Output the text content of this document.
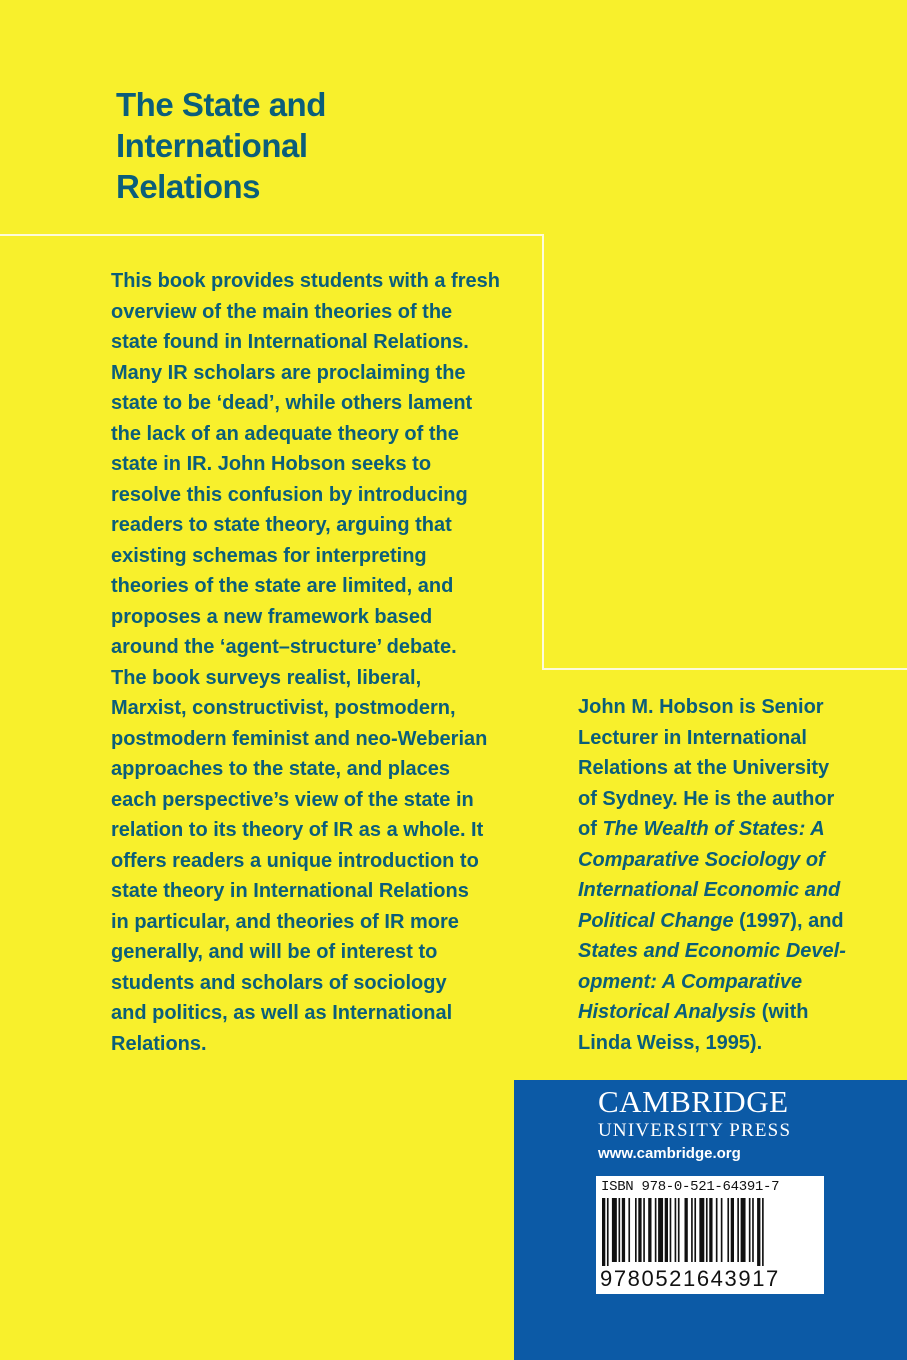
The State and
International
Relations
This book provides students with a fresh
overview of the main theories of the
state found in International Relations.
Many IR scholars are proclaiming the
state to be ‘dead’, while others lament
the lack of an adequate theory of the
state in IR. John Hobson seeks to
resolve this confusion by introducing
readers to state theory, arguing that
existing schemas for interpreting
theories of the state are limited, and
proposes a new framework based
around the ‘agent–structure’ debate.
The book surveys realist, liberal,
Marxist, constructivist, postmodern,
postmodern feminist and neo-Weberian
approaches to the state, and places
each perspective’s view of the state in
relation to its theory of IR as a whole. It
offers readers a unique introduction to
state theory in International Relations
in particular, and theories of IR more
generally, and will be of interest to
students and scholars of sociology
and politics, as well as International
Relations.
John M. Hobson is Senior
Lecturer in International
Relations at the University
of Sydney. He is the author
of The Wealth of States: A
Comparative Sociology of
International Economic and
Political Change (1997), and
States and Economic Devel-
opment: A Comparative
Historical Analysis (with
Linda Weiss, 1995).
CAMBRIDGE
UNIVERSITY PRESS
www.cambridge.org
ISBN 978-0-521-64391-7
9780521643917
